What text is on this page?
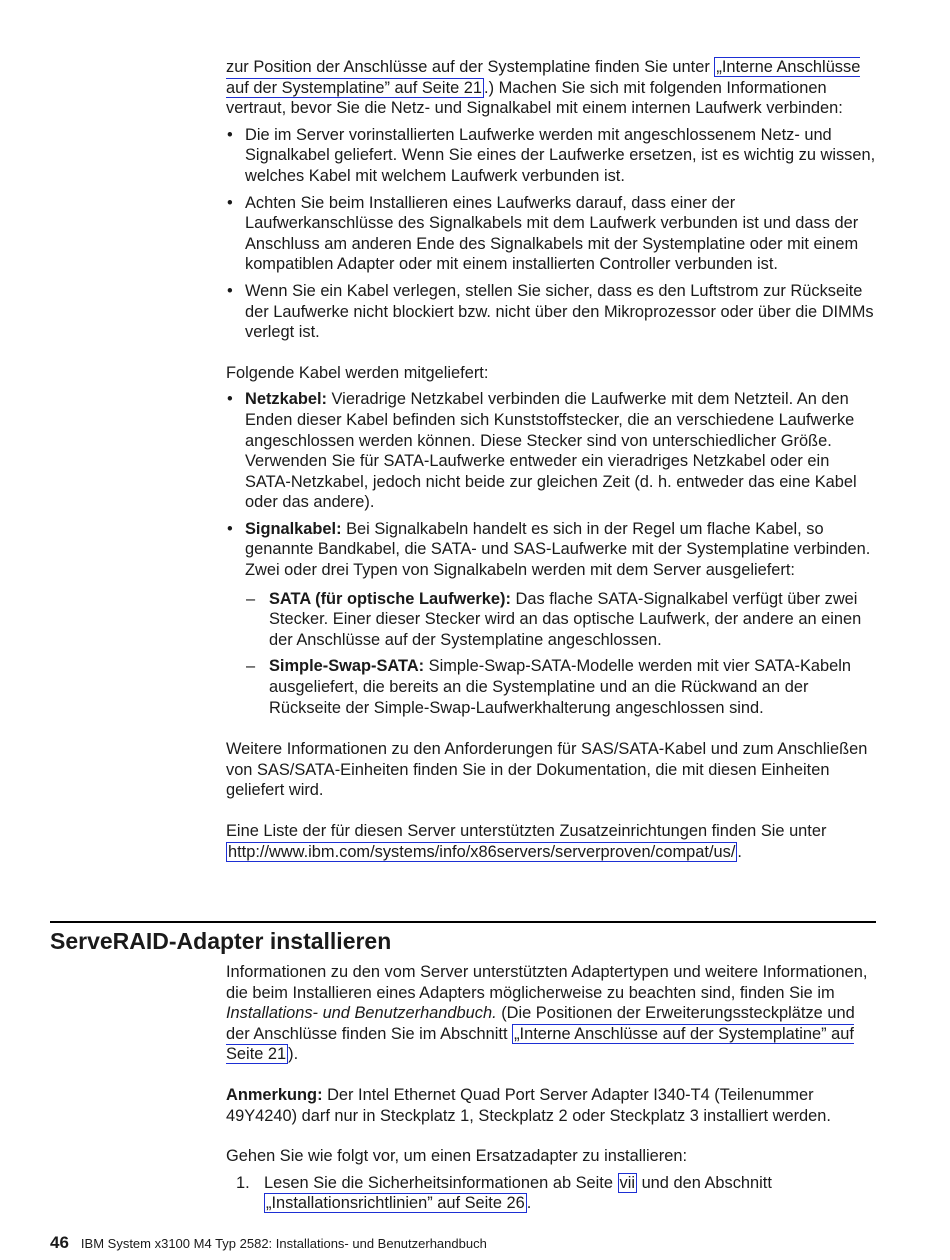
zur Position der Anschlüsse auf der Systemplatine finden Sie unter „Interne Anschlüsse auf der Systemplatine” auf Seite 21 .) Machen Sie sich mit folgenden Informationen vertraut, bevor Sie die Netz- und Signalkabel mit einem internen Laufwerk verbinden:

• Die im Server vorinstallierten Laufwerke werden mit angeschlossenem Netz- und Signalkabel geliefert. Wenn Sie eines der Laufwerke ersetzen, ist es wichtig zu wissen, welches Kabel mit welchem Laufwerk verbunden ist.
• Achten Sie beim Installieren eines Laufwerks darauf, dass einer der Laufwerkanschlüsse des Signalkabels mit dem Laufwerk verbunden ist und dass der Anschluss am anderen Ende des Signalkabels mit der Systemplatine oder mit einem kompatiblen Adapter oder mit einem installierten Controller verbunden ist.
• Wenn Sie ein Kabel verlegen, stellen Sie sicher, dass es den Luftstrom zur Rückseite der Laufwerke nicht blockiert bzw. nicht über den Mikroprozessor oder über die DIMMs verlegt ist.

Folgende Kabel werden mitgeliefert:

• Netzkabel: Vieradrige Netzkabel verbinden die Laufwerke mit dem Netzteil. An den Enden dieser Kabel befinden sich Kunststoffstecker, die an verschiedene Laufwerke angeschlossen werden können. Diese Stecker sind von unterschiedlicher Größe. Verwenden Sie für SATA-Laufwerke entweder ein vieradriges Netzkabel oder ein SATA-Netzkabel, jedoch nicht beide zur gleichen Zeit (d. h. entweder das eine Kabel oder das andere).
• Signalkabel: Bei Signalkabeln handelt es sich in der Regel um flache Kabel, so genannte Bandkabel, die SATA- und SAS-Laufwerke mit der Systemplatine verbinden. Zwei oder drei Typen von Signalkabeln werden mit dem Server ausgeliefert:
– SATA (für optische Laufwerke): Das flache SATA-Signalkabel verfügt über zwei Stecker. Einer dieser Stecker wird an das optische Laufwerk, der andere an einen der Anschlüsse auf der Systemplatine angeschlossen.
– Simple-Swap-SATA: Simple-Swap-SATA-Modelle werden mit vier SATA-Kabeln ausgeliefert, die bereits an die Systemplatine und an die Rückwand an der Rückseite der Simple-Swap-Laufwerkhalterung angeschlossen sind.

Weitere Informationen zu den Anforderungen für SAS/SATA-Kabel und zum Anschließen von SAS/SATA-Einheiten finden Sie in der Dokumentation, die mit diesen Einheiten geliefert wird.

Eine Liste der für diesen Server unterstützten Zusatzeinrichtungen finden Sie unter http://www.ibm.com/systems/info/x86servers/serverproven/compat/us/ .

ServeRAID-Adapter installieren

Informationen zu den vom Server unterstützten Adaptertypen und weitere Informationen, die beim Installieren eines Adapters möglicherweise zu beachten sind, finden Sie im Installations- und Benutzerhandbuch. (Die Positionen der Erweiterungssteckplätze und der Anschlüsse finden Sie im Abschnitt „Interne Anschlüsse auf der Systemplatine” auf Seite 21 ).

Anmerkung: Der Intel Ethernet Quad Port Server Adapter I340-T4 (Teilenummer 49Y4240) darf nur in Steckplatz 1, Steckplatz 2 oder Steckplatz 3 installiert werden.

Gehen Sie wie folgt vor, um einen Ersatzadapter zu installieren:

1. Lesen Sie die Sicherheitsinformationen ab Seite vii und den Abschnitt „Installationsrichtlinien” auf Seite 26 .
46 IBM System x3100 M4 Typ 2582: Installations- und Benutzerhandbuch
